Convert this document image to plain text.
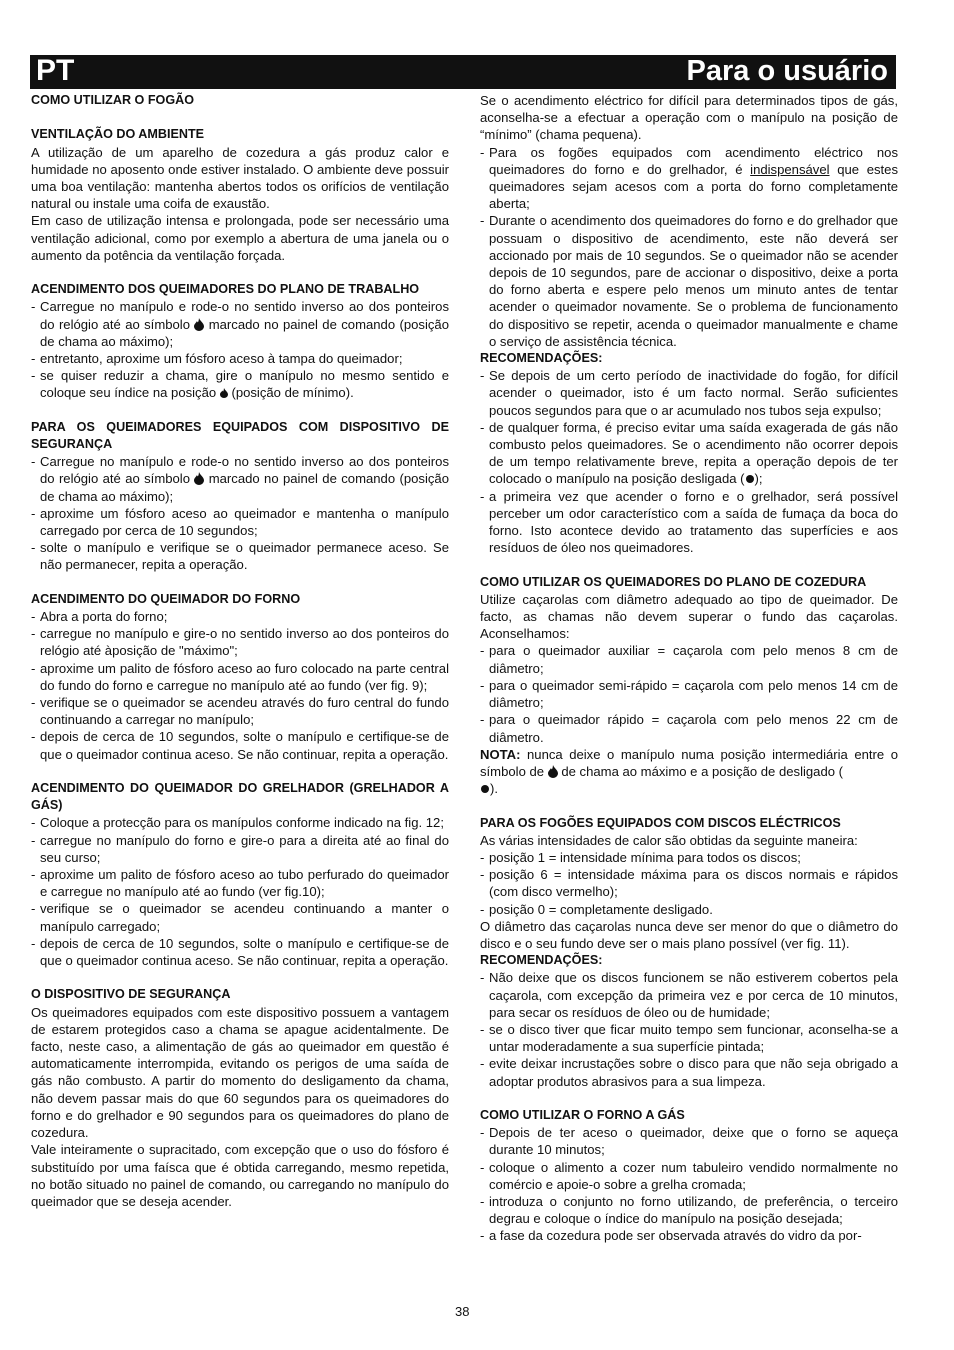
PT	Para o usuário

COMO UTILIZAR O FOGÃO

VENTILAÇÃO DO AMBIENTE

A utilização de um aparelho de cozedura a gás produz calor e humidade no aposento onde estiver instalado. O ambiente deve possuir uma boa ventilação: mantenha abertos todos os orifícios de ventilação natural ou instale uma coifa de exaustão.

Em caso de utilização intensa e prolongada, pode ser necessário uma ventilação adicional, como por exemplo a abertura de uma janela ou o aumento da potência da ventilação forçada.

ACENDIMENTO DOS QUEIMADORES DO PLANO DE TRABALHO

- Carregue no manípulo e rode-o no sentido inverso ao dos ponteiros do relógio até ao símbolo marcado no painel de comando (posição de chama ao máximo);
- entretanto, aproxime um fósforo aceso à tampa do queimador;
- se quiser reduzir a chama, gire o manípulo no mesmo sentido e coloque seu índice na posição (posição de mínimo).

PARA OS QUEIMADORES EQUIPADOS COM DISPOSITIVO DE SEGURANÇA

- Carregue no manípulo e rode-o no sentido inverso ao dos ponteiros do relógio até ao símbolo marcado no painel de comando (posição de chama ao máximo);
- aproxime um fósforo aceso ao queimador e mantenha o manípulo carregado por cerca de 10 segundos;
- solte o manípulo e verifique se o queimador permanece aceso. Se não permanecer, repita a operação.

ACENDIMENTO DO QUEIMADOR DO FORNO

- Abra a porta do forno;
- carregue no manípulo e gire-o no sentido inverso ao dos ponteiros do relógio até àposição de "máximo";
- aproxime um palito de fósforo aceso ao furo colocado na parte central do fundo do forno e carregue no manípulo até ao fundo (ver fig. 9);
- verifique se o queimador se acendeu através do furo central do fundo continuando a carregar no manípulo;
- depois de cerca de 10 segundos, solte o manípulo e certifique-se de que o queimador continua aceso. Se não continuar, repita a operação.

ACENDIMENTO DO QUEIMADOR DO GRELHADOR (GRELHADOR A GÁS)

- Coloque a protecção para os manípulos conforme indicado na fig. 12;
- carregue no manípulo do forno e gire-o para a direita até ao final do seu curso;
- aproxime um palito de fósforo aceso ao tubo perfurado do queimador e carregue no manípulo até ao fundo (ver fig.10);
- verifique se o queimador se acendeu continuando a manter o manípulo carregado;
- depois de cerca de 10 segundos, solte o manípulo e certifique-se de que o queimador continua aceso. Se não continuar, repita a operação.

O DISPOSITIVO DE SEGURANÇA

Os queimadores equipados com este dispositivo possuem a vantagem de estarem protegidos caso a chama se apague acidentalmente. De facto, neste caso, a alimentação de gás ao queimador em questão é automaticamente interrompida, evitando os perigos de uma saída de gás não combusto. A partir do momento do desligamento da chama, não devem passar mais do que 60 segundos para os queimadores do forno e do grelhador e 90 segundos para os queimadores do plano de cozedura.

Vale inteiramente o supracitado, com excepção que o uso do fósforo é substituído por uma faísca que é obtida carregando, mesmo repetida, no botão situado no painel de comando, ou carregando no manípulo do queimador que se deseja acender.

Se o acendimento eléctrico for difícil para determinados tipos de gás, aconselha-se a efectuar a operação com o manípulo na posição de “mínimo” (chama pequena).

- Para os fogões equipados com acendimento eléctrico nos queimadores do forno e do grelhador, é indispensável que estes queimadores sejam acesos com a porta do forno completamente aberta;
- Durante o acendimento dos queimadores do forno e do grelhador que possuam o dispositivo de acendimento, este não deverá ser accionado por mais de 10 segundos. Se o queimador não se acender depois de 10 segundos, pare de accionar o dispositivo, deixe a porta do forno aberta e espere pelo menos um minuto antes de tentar acender o queimador novamente. Se o problema de funcionamento do dispositivo se repetir, acenda o queimador manualmente e chame o serviço de assistência técnica.

RECOMENDAÇÕES:

- Se depois de um certo período de inactividade do fogão, for difícil acender o queimador, isto é um facto normal. Serão suficientes poucos segundos para que o ar acumulado nos tubos seja expulso;
- de qualquer forma, é preciso evitar uma saída exagerada de gás não combusto pelos queimadores. Se o acendimento não ocorrer depois de um tempo relativamente breve, repita a operação depois de ter colocado o manípulo na posição desligada ( );
- a primeira vez que acender o forno e o grelhador, será possível perceber um odor característico com a saída de fumaça da boca do forno. Isto acontece devido ao tratamento das superfícies e aos resíduos de óleo nos queimadores.

COMO UTILIZAR OS QUEIMADORES DO PLANO DE COZEDURA

Utilize caçarolas com diâmetro adequado ao tipo de queimador. De facto, as chamas não devem superar o fundo das caçarolas. Aconselhamos:

- para o queimador auxiliar = caçarola com pelo menos 8 cm de diâmetro;
- para o queimador semi-rápido = caçarola com pelo menos 14 cm de diâmetro;
- para o queimador rápido = caçarola com pelo menos 22 cm de diâmetro.

NOTA: nunca deixe o manípulo numa posição intermediária entre o símbolo de de chama ao máximo e a posição de desligado (
).

PARA OS FOGÕES EQUIPADOS COM DISCOS ELÉCTRICOS

As várias intensidades de calor são obtidas da seguinte maneira:

- posição 1 = intensidade mínima para todos os discos;
- posição 6 = intensidade máxima para os discos normais e rápidos (com disco vermelho);
- posição 0 = completamente desligado.

O diâmetro das caçarolas nunca deve ser menor do que o diâmetro do disco e o seu fundo deve ser o mais plano possível (ver fig. 11).

RECOMENDAÇÕES:

- Não deixe que os discos funcionem se não estiverem cobertos pela caçarola, com excepção da primeira vez e por cerca de 10 minutos, para secar os resíduos de óleo ou de humidade;
- se o disco tiver que ficar muito tempo sem funcionar, aconselha-se a untar moderadamente a sua superfície pintada;
- evite deixar incrustações sobre o disco para que não seja obrigado a adoptar produtos abrasivos para a sua limpeza.

COMO UTILIZAR O FORNO A GÁS

- Depois de ter aceso o queimador, deixe que o forno se aqueça durante 10 minutos;
- coloque o alimento a cozer num tabuleiro vendido normalmente no comércio e apoie-o sobre a grelha cromada;
- introduza o conjunto no forno utilizando, de preferência, o terceiro degrau e coloque o índice do manípulo na posição desejada;
- a fase da cozedura pode ser observada através do vidro da por-
38
